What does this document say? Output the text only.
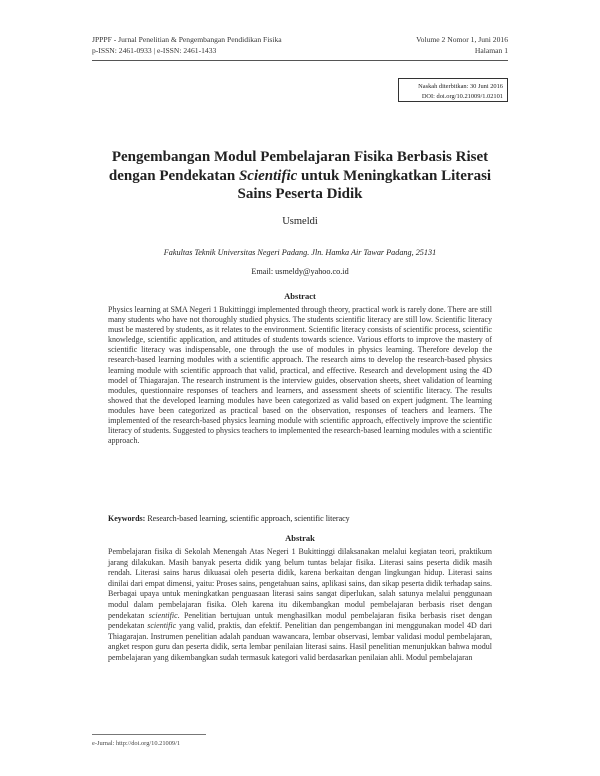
JPPPF - Jurnal Penelitian & Pengembangan Pendidikan Fisika
p-ISSN: 2461-0933 | e-ISSN: 2461-1433
Volume 2 Nomor 1, Juni 2016
Halaman 1
Naskah diterbitkan: 30 Juni 2016
DOI: doi.org/10.21009/1.02101
Pengembangan Modul Pembelajaran Fisika Berbasis Riset dengan Pendekatan Scientific untuk Meningkatkan Literasi Sains Peserta Didik
Usmeldi
Fakultas Teknik Universitas Negeri Padang. Jln. Hamka Air Tawar Padang, 25131
Email: usmeldy@yahoo.co.id
Abstract
Physics learning at SMA Negeri 1 Bukittinggi implemented through theory, practical work is rarely done. There are still many students who have not thoroughly studied physics. The students scientific literacy are still low. Scientific literacy must be mastered by students, as it relates to the environment. Scientific literacy consists of scientific process, scientific knowledge, scientific application, and attitudes of students towards science. Various efforts to improve the mastery of scientific literacy was indispensable, one through the use of modules in physics learning. Therefore develop the research-based learning modules with a scientific approach. The research aims to develop the research-based physics learning module with scientific approach that valid, practical, and effective. Research and development using the 4D model of Thiagarajan. The research instrument is the interview guides, observation sheets, sheet validation of learning modules, questionnaire responses of teachers and learners, and assessment sheets of scientific literacy. The results showed that the developed learning modules have been categorized as valid based on expert judgment. The learning modules have been categorized as practical based on the observation, responses of teachers and learners. The implemented of the research-based physics learning module with scientific approach, effectively improve the scientific literacy of students. Suggested to physics teachers to implemented the research-based learning modules with a scientific approach.
Keywords: Research-based learning, scientific approach, scientific literacy
Abstrak
Pembelajaran fisika di Sekolah Menengah Atas Negeri 1 Bukittinggi dilaksanakan melalui kegiatan teori, praktikum jarang dilakukan. Masih banyak peserta didik yang belum tuntas belajar fisika. Literasi sains peserta didik masih rendah. Literasi sains harus dikuasai oleh peserta didik, karena berkaitan dengan lingkungan hidup. Literasi sains dinilai dari empat dimensi, yaitu: Proses sains, pengetahuan sains, aplikasi sains, dan sikap peserta didik terhadap sains. Berbagai upaya untuk meningkatkan penguasaan literasi sains sangat diperlukan, salah satunya melalui penggunaan modul dalam pembelajaran fisika. Oleh karena itu dikembangkan modul pembelajaran berbasis riset dengan pendekatan scientific. Penelitian bertujuan untuk menghasilkan modul pembelajaran fisika berbasis riset dengan pendekatan scientific yang valid, praktis, dan efektif. Penelitian dan pengembangan ini menggunakan model 4D dari Thiagarajan. Instrumen penelitian adalah panduan wawancara, lembar observasi, lembar validasi modul pembelajaran, angket respon guru dan peserta didik, serta lembar penilaian literasi sains. Hasil penelitian menunjukkan bahwa modul pembelajaran yang dikembangkan sudah termasuk kategori valid berdasarkan penilaian ahli. Modul pembelajaran
e-Jurnal: http://doi.org/10.21009/1
